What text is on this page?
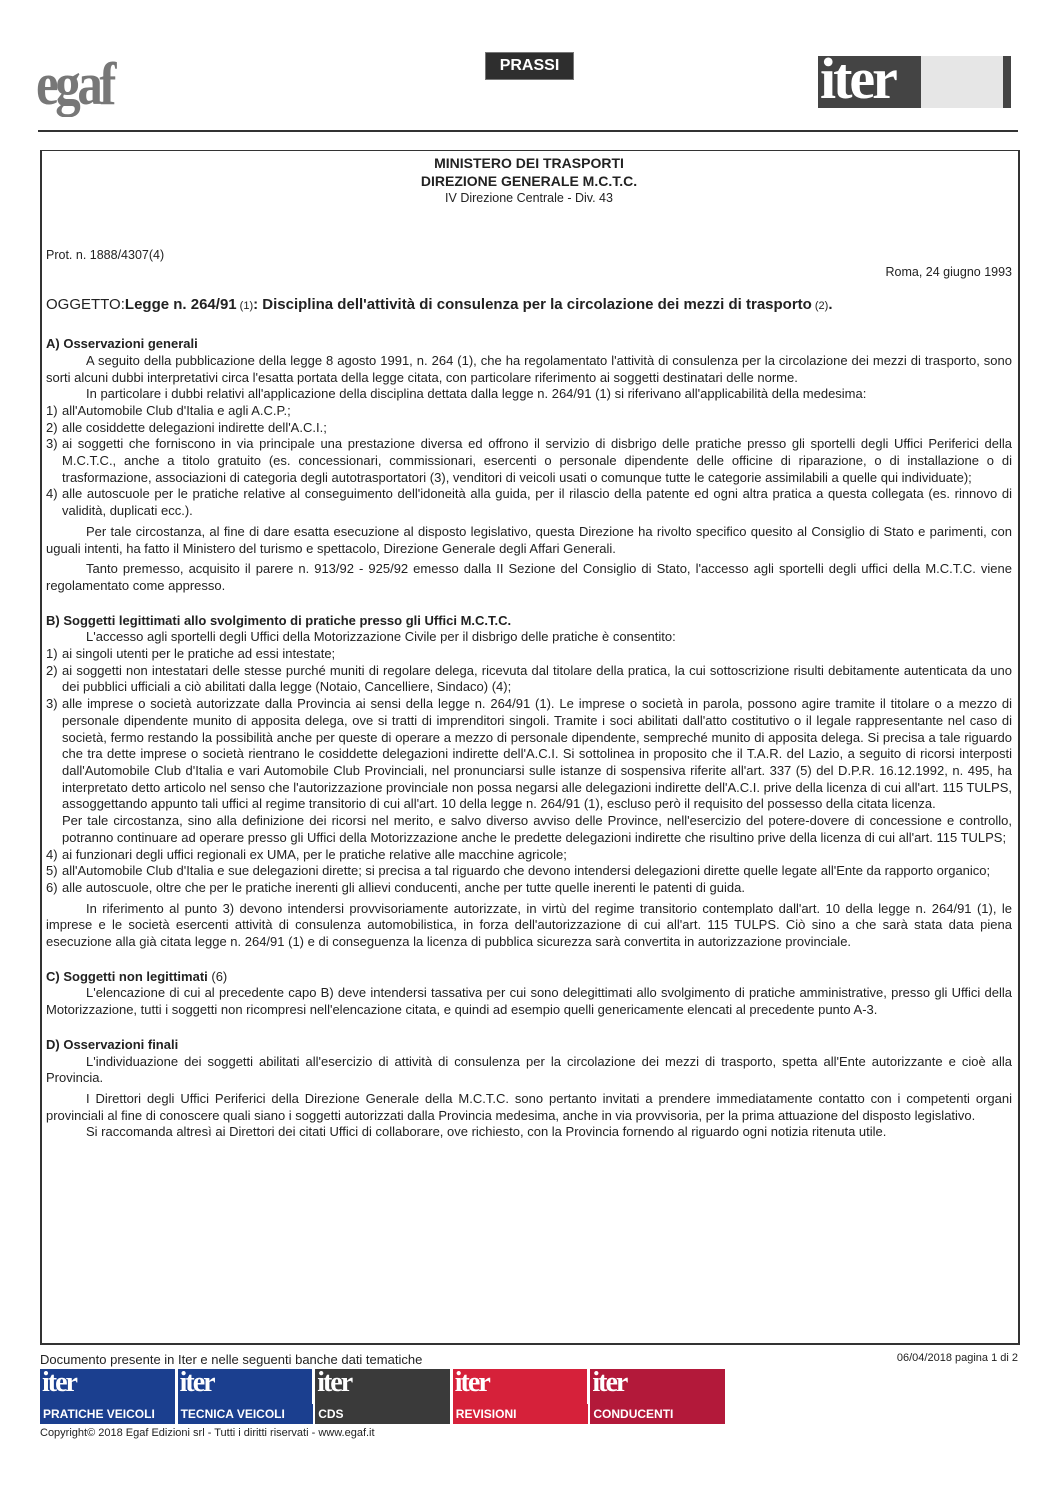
egaf	PRASSI	iter
MINISTERO DEI TRASPORTI
DIREZIONE GENERALE M.C.T.C.
IV Direzione Centrale - Div. 43
Prot. n. 1888/4307(4)
Roma, 24 giugno 1993
OGGETTO:Legge n. 264/91 (1): Disciplina dell'attività di consulenza per la circolazione dei mezzi di trasporto (2).
A) Osservazioni generali
A seguito della pubblicazione della legge 8 agosto 1991, n. 264 (1), che ha regolamentato l'attività di consulenza per la circolazione dei mezzi di trasporto, sono sorti alcuni dubbi interpretativi circa l'esatta portata della legge citata, con particolare riferimento ai soggetti destinatari delle norme.
In particolare i dubbi relativi all'applicazione della disciplina dettata dalla legge n. 264/91 (1) si riferivano all'applicabilità della medesima:
1) all'Automobile Club d'Italia e agli A.C.P.;
2) alle cosiddette delegazioni indirette dell'A.C.I.;
3) ai soggetti che forniscono in via principale una prestazione diversa ed offrono il servizio di disbrigo delle pratiche presso gli sportelli degli Uffici Periferici della M.C.T.C., anche a titolo gratuito (es. concessionari, commissionari, esercenti o personale dipendente delle officine di riparazione, o di installazione o di trasformazione, associazioni di categoria degli autotrasportatori (3), venditori di veicoli usati o comunque tutte le categorie assimilabili a quelle qui individuate);
4) alle autoscuole per le pratiche relative al conseguimento dell'idoneità alla guida, per il rilascio della patente ed ogni altra pratica a questa collegata (es. rinnovo di validità, duplicati ecc.).
Per tale circostanza, al fine di dare esatta esecuzione al disposto legislativo, questa Direzione ha rivolto specifico quesito al Consiglio di Stato e parimenti, con uguali intenti, ha fatto il Ministero del turismo e spettacolo, Direzione Generale degli Affari Generali.
Tanto premesso, acquisito il parere n. 913/92 - 925/92 emesso dalla II Sezione del Consiglio di Stato, l'accesso agli sportelli degli uffici della M.C.T.C. viene regolamentato come appresso.
B) Soggetti legittimati allo svolgimento di pratiche presso gli Uffici M.C.T.C.
L'accesso agli sportelli degli Uffici della Motorizzazione Civile per il disbrigo delle pratiche è consentito:
1) ai singoli utenti per le pratiche ad essi intestate;
2) ai soggetti non intestatari delle stesse purché muniti di regolare delega, ricevuta dal titolare della pratica, la cui sottoscrizione risulti debitamente autenticata da uno dei pubblici ufficiali a ciò abilitati dalla legge (Notaio, Cancelliere, Sindaco) (4);
3) alle imprese o società autorizzate dalla Provincia ai sensi della legge n. 264/91 (1). Le imprese o società in parola, possono agire tramite il titolare o a mezzo di personale dipendente munito di apposita delega, ove si tratti di imprenditori singoli. Tramite i soci abilitati dall'atto costitutivo o il legale rappresentante nel caso di società, fermo restando la possibilità anche per queste di operare a mezzo di personale dipendente, sempreché munito di apposita delega. Si precisa a tale riguardo che tra dette imprese o società rientrano le cosiddette delegazioni indirette dell'A.C.I. Si sottolinea in proposito che il T.A.R. del Lazio, a seguito di ricorsi interposti dall'Automobile Club d'Italia e vari Automobile Club Provinciali, nel pronunciarsi sulle istanze di sospensiva riferite all'art. 337 (5) del D.P.R. 16.12.1992, n. 495, ha interpretato detto articolo nel senso che l'autorizzazione provinciale non possa negarsi alle delegazioni indirette dell'A.C.I. prive della licenza di cui all'art. 115 TULPS, assoggettando appunto tali uffici al regime transitorio di cui all'art. 10 della legge n. 264/91 (1), escluso però il requisito del possesso della citata licenza.
Per tale circostanza, sino alla definizione dei ricorsi nel merito, e salvo diverso avviso delle Province, nell'esercizio del potere-dovere di concessione e controllo, potranno continuare ad operare presso gli Uffici della Motorizzazione anche le predette delegazioni indirette che risultino prive della licenza di cui all'art. 115 TULPS;
4) ai funzionari degli uffici regionali ex UMA, per le pratiche relative alle macchine agricole;
5) all'Automobile Club d'Italia e sue delegazioni dirette; si precisa a tal riguardo che devono intendersi delegazioni dirette quelle legate all'Ente da rapporto organico;
6) alle autoscuole, oltre che per le pratiche inerenti gli allievi conducenti, anche per tutte quelle inerenti le patenti di guida.
In riferimento al punto 3) devono intendersi provvisoriamente autorizzate, in virtù del regime transitorio contemplato dall'art. 10 della legge n. 264/91 (1), le imprese e le società esercenti attività di consulenza automobilistica, in forza dell'autorizzazione di cui all'art. 115 TULPS. Ciò sino a che sarà stata data piena esecuzione alla già citata legge n. 264/91 (1) e di conseguenza la licenza di pubblica sicurezza sarà convertita in autorizzazione provinciale.
C) Soggetti non legittimati (6)
L'elencazione di cui al precedente capo B) deve intendersi tassativa per cui sono delegittimati allo svolgimento di pratiche amministrative, presso gli Uffici della Motorizzazione, tutti i soggetti non ricompresi nell'elencazione citata, e quindi ad esempio quelli genericamente elencati al precedente punto A-3.
D) Osservazioni finali
L'individuazione dei soggetti abilitati all'esercizio di attività di consulenza per la circolazione dei mezzi di trasporto, spetta all'Ente autorizzante e cioè alla Provincia.
I Direttori degli Uffici Periferici della Direzione Generale della M.C.T.C. sono pertanto invitati a prendere immediatamente contatto con i competenti organi provinciali al fine di conoscere quali siano i soggetti autorizzati dalla Provincia medesima, anche in via provvisoria, per la prima attuazione del disposto legislativo.
Si raccomanda altresì ai Direttori dei citati Uffici di collaborare, ove richiesto, con la Provincia fornendo al riguardo ogni notizia ritenuta utile.
Documento presente in Iter e nelle seguenti banche dati tematiche	06/04/2018 pagina 1 di 2
iter
PRATICHE VEICOLI
iter
TECNICA VEICOLI
iter
CDS
iter
REVISIONI
iter
CONDUCENTI
Copyright© 2018 Egaf Edizioni srl - Tutti i diritti riservati - www.egaf.it
